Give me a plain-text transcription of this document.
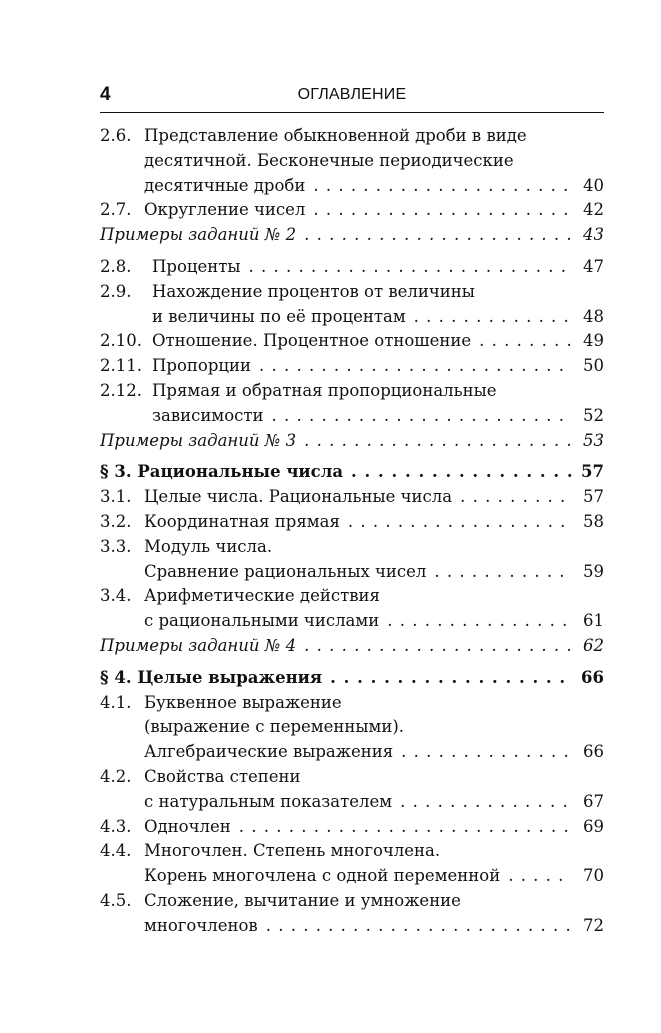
4	ОГЛАВЛЕНИЕ
2.6. Представление обыкновенной дроби в виде
десятичной. Бесконечные периодические
десятичные дроби . . .	40
2.7. Округление чисел . . .	42
Примеры заданий № 2 . . .	43
2.8. Проценты . . .	47
2.9. Нахождение процентов от величины
и величины по её процентам . . .	48
2.10. Отношение. Процентное отношение . . .	49
2.11. Пропорции . . .	50
2.12. Прямая и обратная пропорциональные
зависимости . . .	52
Примеры заданий № 3 . . .	53
§ 3. Рациональные числа . . .	57
3.1. Целые числа. Рациональные числа . . .	57
3.2. Координатная прямая . . .	58
3.3. Модуль числа.
Сравнение рациональных чисел . . .	59
3.4. Арифметические действия
с рациональными числами . . .	61
Примеры заданий № 4 . . .	62
§ 4. Целые выражения . . .	66
4.1. Буквенное выражение
(выражение с переменными).
Алгебраические выражения . . .	66
4.2. Свойства степени
с натуральным показателем . . .	67
4.3. Одночлен . . .	69
4.4. Многочлен. Степень многочлена.
Корень многочлена с одной переменной . . .	70
4.5. Сложение, вычитание и умножение
многочленов . . .	72
